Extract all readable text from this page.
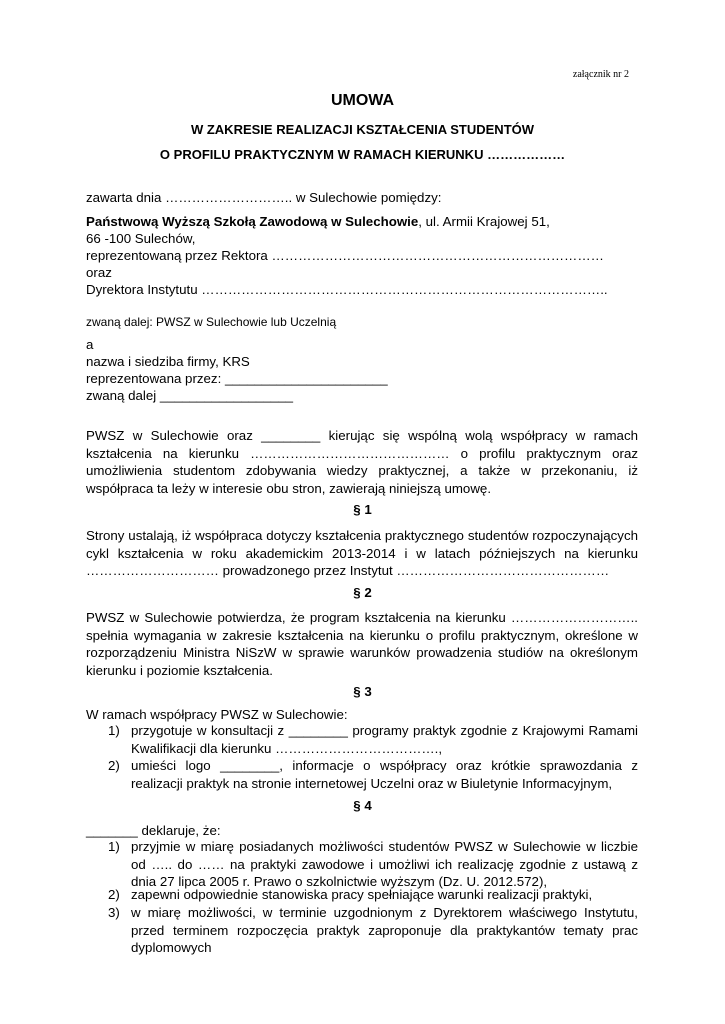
załącznik nr 2
UMOWA
W ZAKRESIE REALIZACJI KSZTAŁCENIA STUDENTÓW
O PROFILU PRAKTYCZNYM W RAMACH KIERUNKU ………………
zawarta dnia ……………………….. w Sulechowie pomiędzy:
Państwową Wyższą Szkołą Zawodową w Sulechowie, ul. Armii Krajowej 51,
66 -100 Sulechów,
reprezentowaną przez Rektora …………………………………………………………………
oraz
Dyrektora Instytutu ………………………………………………………………………………..
zwaną dalej: PWSZ w Sulechowie lub Uczelnią
a
nazwa i siedziba firmy, KRS
reprezentowana przez: ______________________
zwaną dalej __________________
PWSZ w Sulechowie oraz ________ kierując się wspólną wolą współpracy w ramach kształcenia na kierunku ……………………………………… o profilu praktycznym oraz umożliwienia studentom zdobywania wiedzy praktycznej, a także w przekonaniu, iż współpraca ta leży w interesie obu stron, zawierają niniejszą umowę.
§ 1
Strony ustalają, iż współpraca dotyczy kształcenia praktycznego studentów rozpoczynających cykl kształcenia w roku akademickim 2013-2014 i w latach późniejszych na kierunku ………………………… prowadzonego przez Instytut …………………………………………
§ 2
PWSZ w Sulechowie potwierdza, że program kształcenia na kierunku ……………………….. spełnia wymagania w zakresie kształcenia na kierunku o profilu praktycznym, określone w rozporządzeniu Ministra NiSzW w sprawie warunków prowadzenia studiów na określonym kierunku i poziomie kształcenia.
§ 3
W ramach współpracy PWSZ w Sulechowie:
1) przygotuje w konsultacji z ________ programy praktyk zgodnie z Krajowymi Ramami Kwalifikacji dla kierunku ……………………………….,
2) umieści logo ________, informacje o współpracy oraz krótkie sprawozdania z realizacji praktyk na stronie internetowej Uczelni oraz w Biuletynie Informacyjnym,
§ 4
_______ deklaruje, że:
1) przyjmie w miarę posiadanych możliwości studentów PWSZ w Sulechowie w liczbie od ….. do …… na praktyki zawodowe i umożliwi ich realizację zgodnie z ustawą z dnia 27 lipca 2005 r. Prawo o szkolnictwie wyższym (Dz. U. 2012.572),
2) zapewni odpowiednie stanowiska pracy spełniające warunki realizacji praktyki,
3) w miarę możliwości, w terminie uzgodnionym z Dyrektorem właściwego Instytutu, przed terminem rozpoczęcia praktyk zaproponuje dla praktykantów tematy prac dyplomowych
